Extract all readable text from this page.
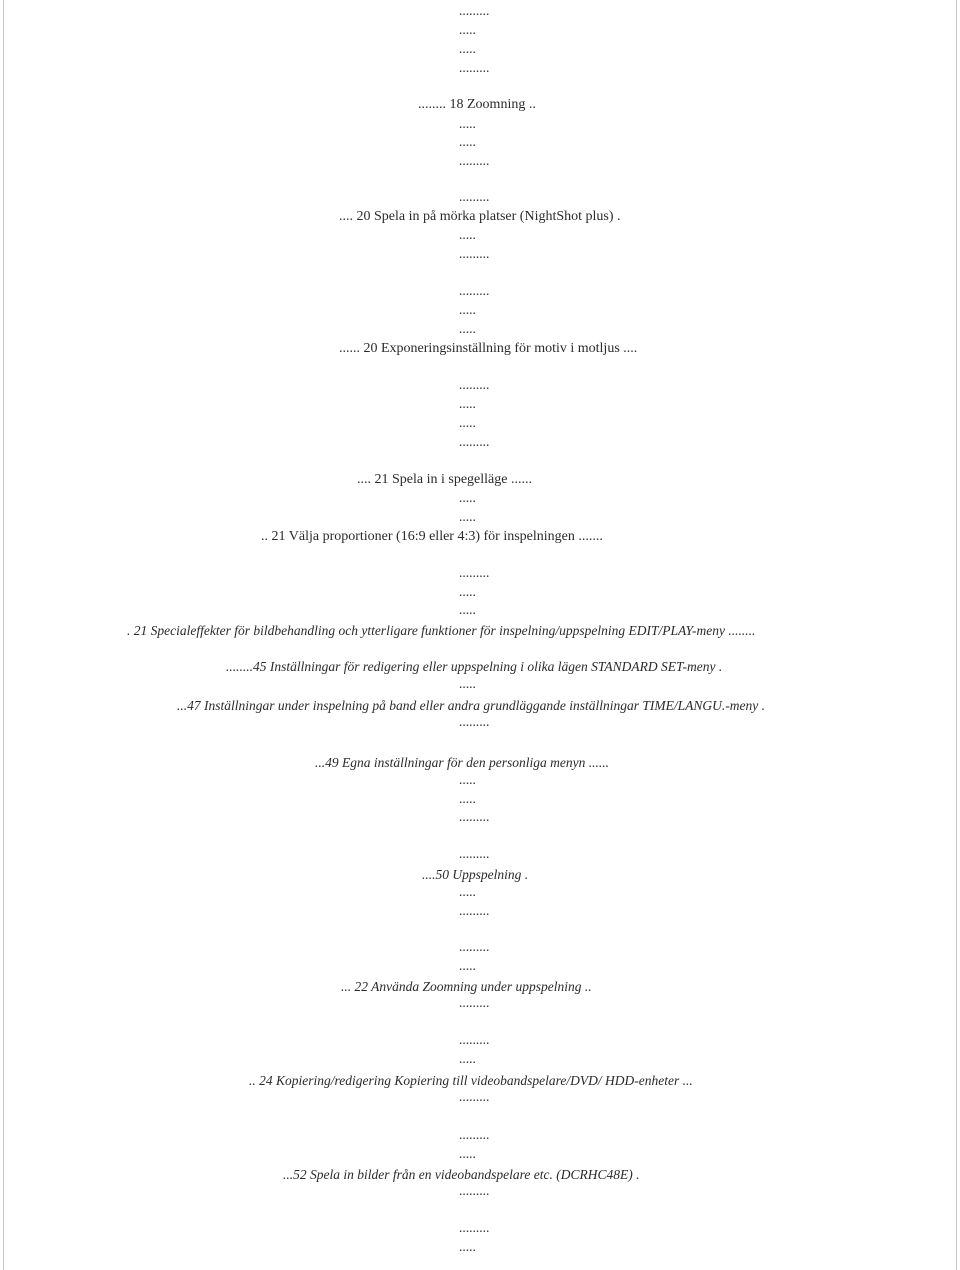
.........
.....
.....
.........
........ 18 Zoomning ..
.....
.....
.........
.........
.... 20 Spela in på mörka platser (NightShot plus) .
.....
.........
.........
.....
.....
...... 20 Exponeringsinställning för motiv i motljus ....
.........
.....
.....
.........
.... 21 Spela in i spegelläge ......
.....
.....
.. 21 Välja proportioner (16:9 eller 4:3) för inspelningen .......
.........
.....
.....
. 21 Specialeffekter för bildbehandling och ytterligare funktioner för inspelning/uppspelning EDIT/PLAY-meny ........
........45 Inställningar för redigering eller uppspelning i olika lägen STANDARD SET-meny .
.....
...47 Inställningar under inspelning på band eller andra grundläggande inställningar TIME/LANGU.-meny .
.........
...49 Egna inställningar för den personliga menyn ......
.....
.....
.........
.........
....50 Uppspelning .
.....
.........
.........
.....
... 22 Använda Zoomning under uppspelning ..
.........
.........
.....
.. 24 Kopiering/redigering Kopiering till videobandspelare/DVD/ HDD-enheter ...
.........
.........
.....
...52 Spela in bilder från en videobandspelare etc. (DCRHC48E) .
.........
.........
.....
